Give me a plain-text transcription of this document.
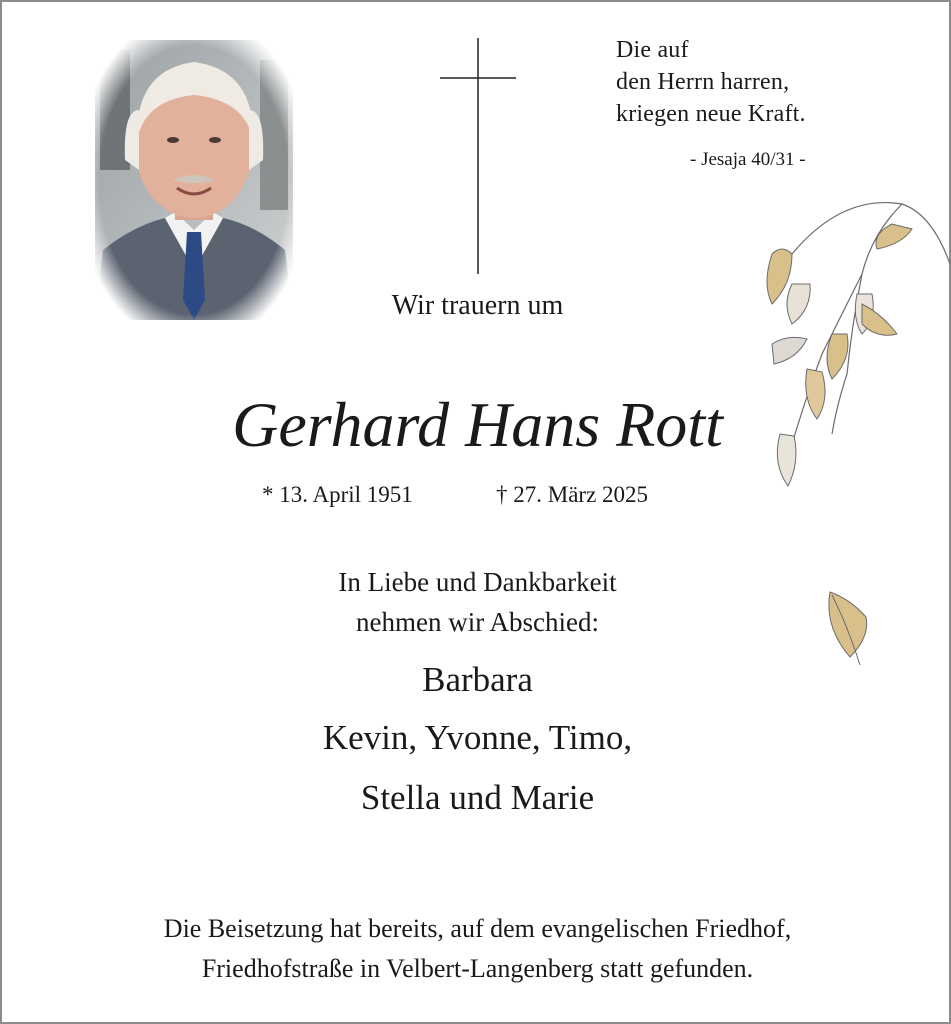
Die auf
den Herrn harren,
kriegen neue Kraft.
- Jesaja 40/31 -
Wir trauern um
Gerhard Hans Rott
* 13. April 1951	† 27. März 2025
In Liebe und Dankbarkeit
nehmen wir Abschied:
Barbara
Kevin, Yvonne, Timo,
Stella und Marie
Die Beisetzung hat bereits, auf dem evangelischen Friedhof,
Friedhofstraße in Velbert-Langenberg statt gefunden.
